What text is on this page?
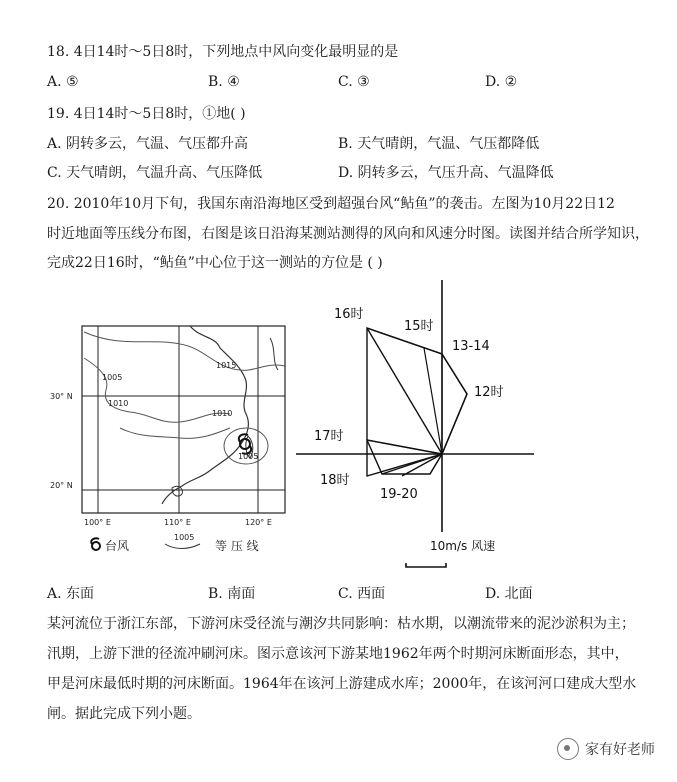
18. 4日14时～5日8时，下列地点中风向变化最明显的是
A. ⑤	B. ④	C. ③	D. ②
19. 4日14时～5日8时，①地( )
A. 阴转多云，气温、气压都升高	B. 天气晴朗，气温、气压都降低
C. 天气晴朗，气温升高、气压降低	D. 阴转多云，气压升高、气温降低
20. 2010年10月下旬，我国东南沿海地区受到超强台风“鲇鱼”的袭击。左图为10月22日12
时近地面等压线分布图，右图是该日沿海某测站测得的风向和风速分时图。读图并结合所学知识，
完成22日16时，“鲇鱼”中心位于这一测站的方位是 ( )
1015
1010
1010
1005
1005
30° N
20° N
100° E	110° E	120° E
台风
1005
等 压 线
16时
15时
13-14
12时
17时
18时
19-20
10m/s 风速
A. 东面	B. 南面	C. 西面	D. 北面
某河流位于浙江东部，下游河床受径流与潮汐共同影响：枯水期，以潮流带来的泥沙淤积为主；
汛期，上游下泄的径流冲刷河床。图示意该河下游某地1962年两个时期河床断面形态，其中，
甲是河床最低时期的河床断面。1964年在该河上游建成水库；2000年，在该河河口建成大型水
闸。据此完成下列小题。
家有好老师
